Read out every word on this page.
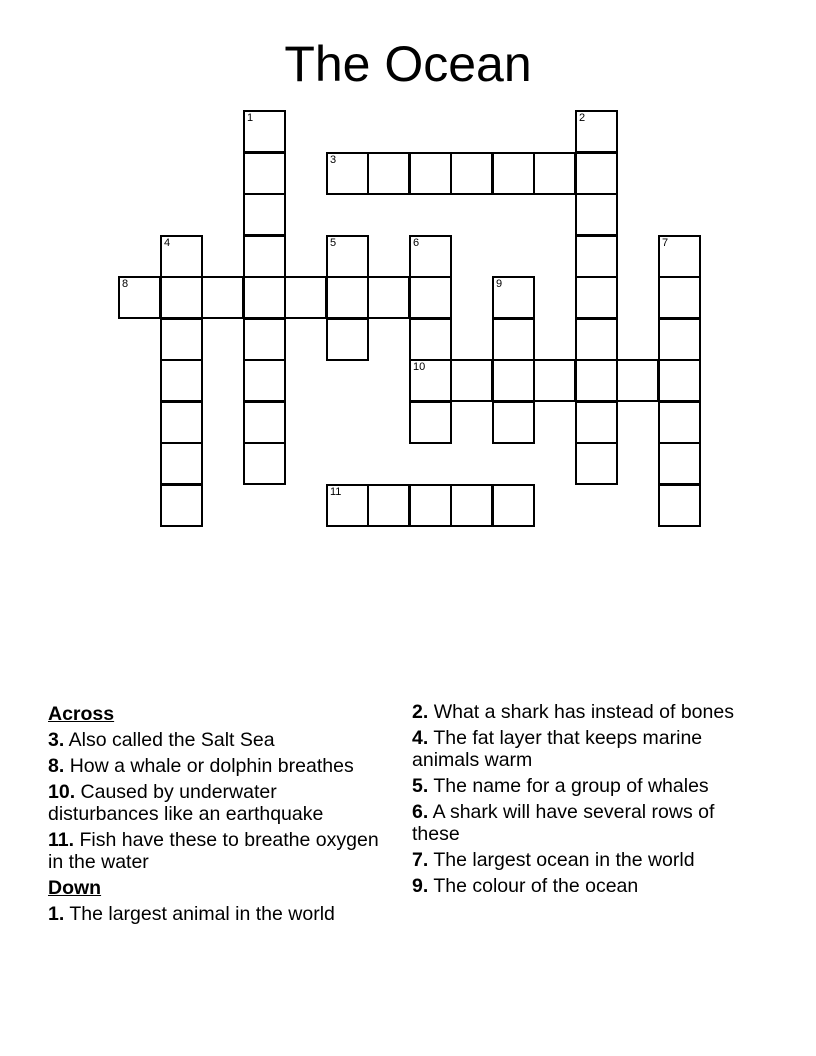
The Ocean
1	2
3
4	5	6
10
7
8	9
11
Across
3. Also called the Salt Sea
8. How a whale or dolphin breathes
10. Caused by underwater disturbances like an earthquake
11. Fish have these to breathe oxygen in the water
Down
1. The largest animal in the world
2. What a shark has instead of bones
4. The fat layer that keeps marine animals warm
5. The name for a group of whales
6. A shark will have several rows of these
7. The largest ocean in the world
9. The colour of the ocean
